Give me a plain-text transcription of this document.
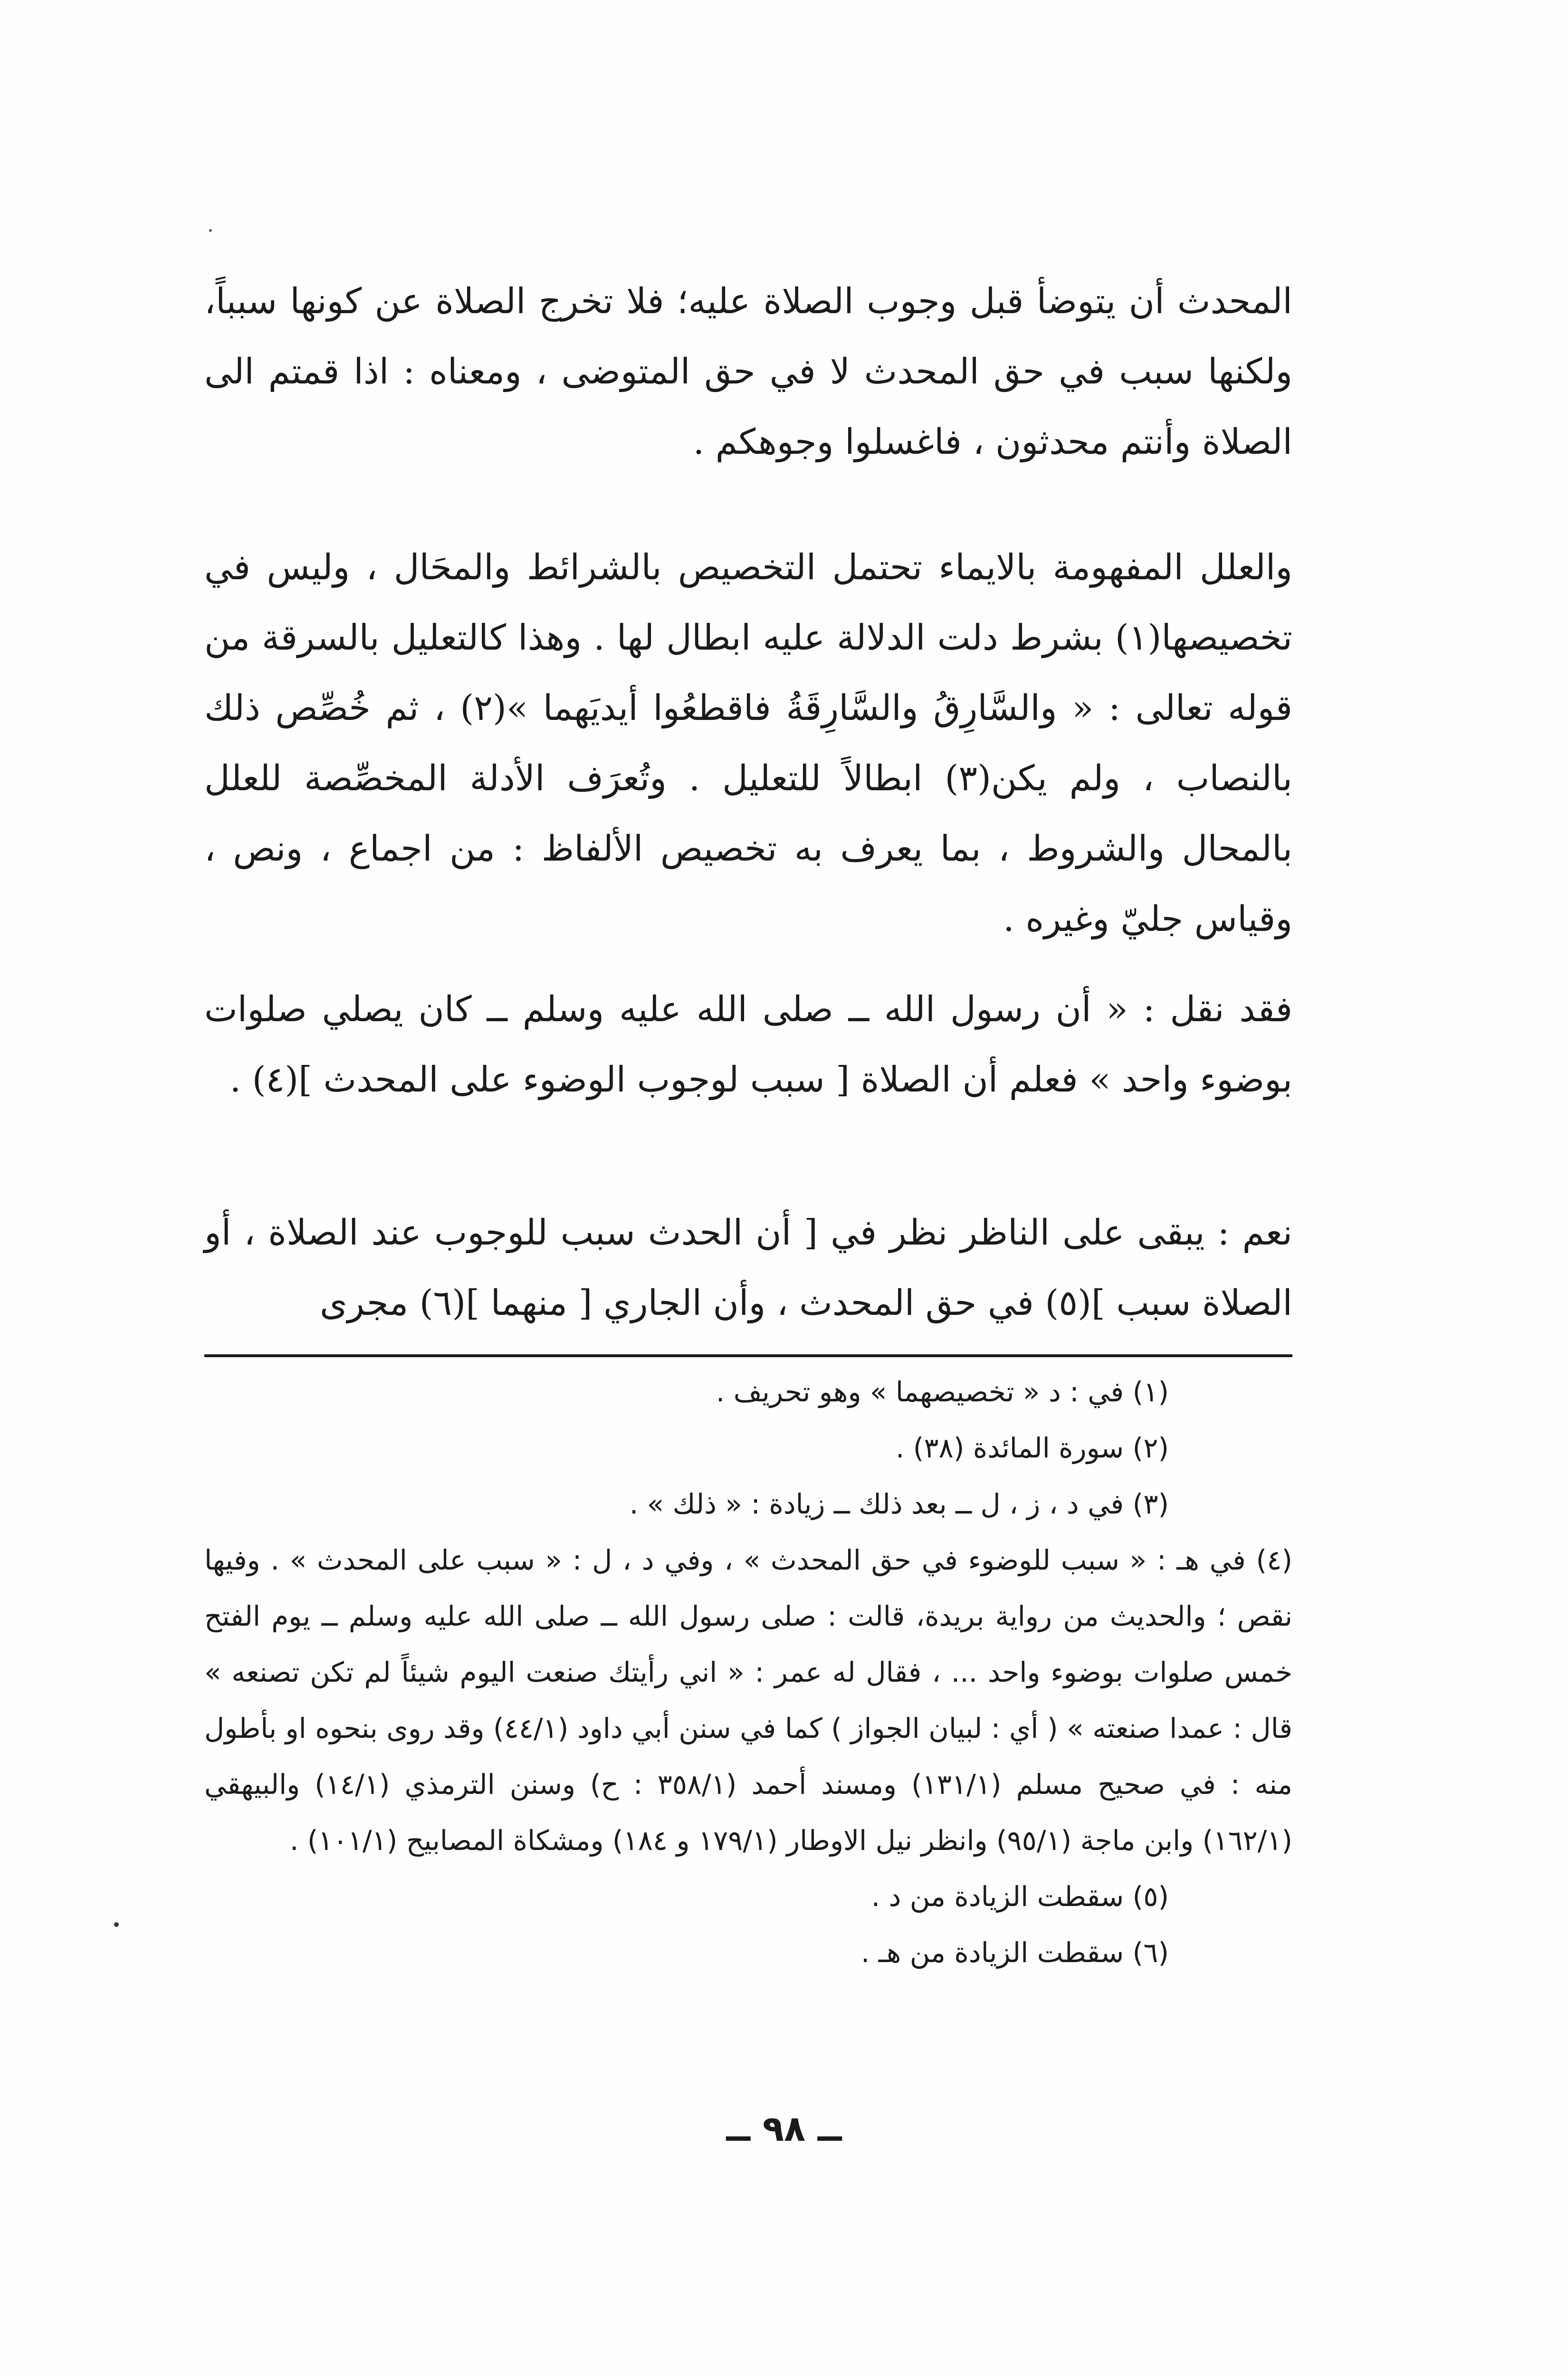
المحدث أن يتوضأ قبل وجوب الصلاة عليه؛ فلا تخرج الصلاة عن كونها سبباً، ولكنها سبب في حق المحدث لا في حق المتوضى ، ومعناه : اذا قمتم الى الصلاة وأنتم محدثون ، فاغسلوا وجوهكم .

والعلل المفهومة بالايماء تحتمل التخصيص بالشرائط والمحَال ، وليس في تخصيصها(١) بشرط دلت الدلالة عليه ابطال لها . وهذا كالتعليل بالسرقة من قوله تعالى : « والسَّارِقُ والسَّارِقَةُ فاقطعُوا أيديَهما »(٢) ، ثم خُصِّص ذلك بالنصاب ، ولم يكن(٣) ابطالاً للتعليل . وتُعرَف الأدلة المخصِّصة للعلل بالمحال والشروط ، بما يعرف به تخصيص الألفاظ : من اجماع ، ونص ، وقياس جليّ وغيره .

فقد نقل : « أن رسول الله ــ صلى الله عليه وسلم ــ كان يصلي صلوات بوضوء واحد » فعلم أن الصلاة [ سبب لوجوب الوضوء على المحدث ](٤) .

نعم : يبقى على الناظر نظر في [ أن الحدث سبب للوجوب عند الصلاة ، أو الصلاة سبب ](٥) في حق المحدث ، وأن الجاري [ منهما ](٦) مجرى

(١) في : د « تخصيصهما » وهو تحريف .
(٢) سورة المائدة (٣٨) .
(٣) في د ، ز ، ل ــ بعد ذلك ــ زيادة : « ذلك » .
(٤) في هـ : « سبب للوضوء في حق المحدث » ، وفي د ، ل : « سبب على المحدث » . وفيها نقص ؛ والحديث من رواية بريدة، قالت : صلى رسول الله ــ صلى الله عليه وسلم ــ يوم الفتح خمس صلوات بوضوء واحد ... ، فقال له عمر : « اني رأيتك صنعت اليوم شيئاً لم تكن تصنعه » قال : عمدا صنعته » ( أي : لبيان الجواز ) كما في سنن أبي داود (٤٤/١) وقد روى بنحوه او بأطول منه : في صحيح مسلم (١٣١/١) ومسند أحمد (٣٥٨/١ : ح) وسنن الترمذي (١٤/١) والبيهقي (١٦٢/١) وابن ماجة (٩٥/١) وانظر نيل الاوطار (١٧٩/١ و ١٨٤) ومشكاة المصابيح (١٠١/١) .
(٥) سقطت الزيادة من د .
(٦) سقطت الزيادة من هـ .
ــ ٩٨ ــ
